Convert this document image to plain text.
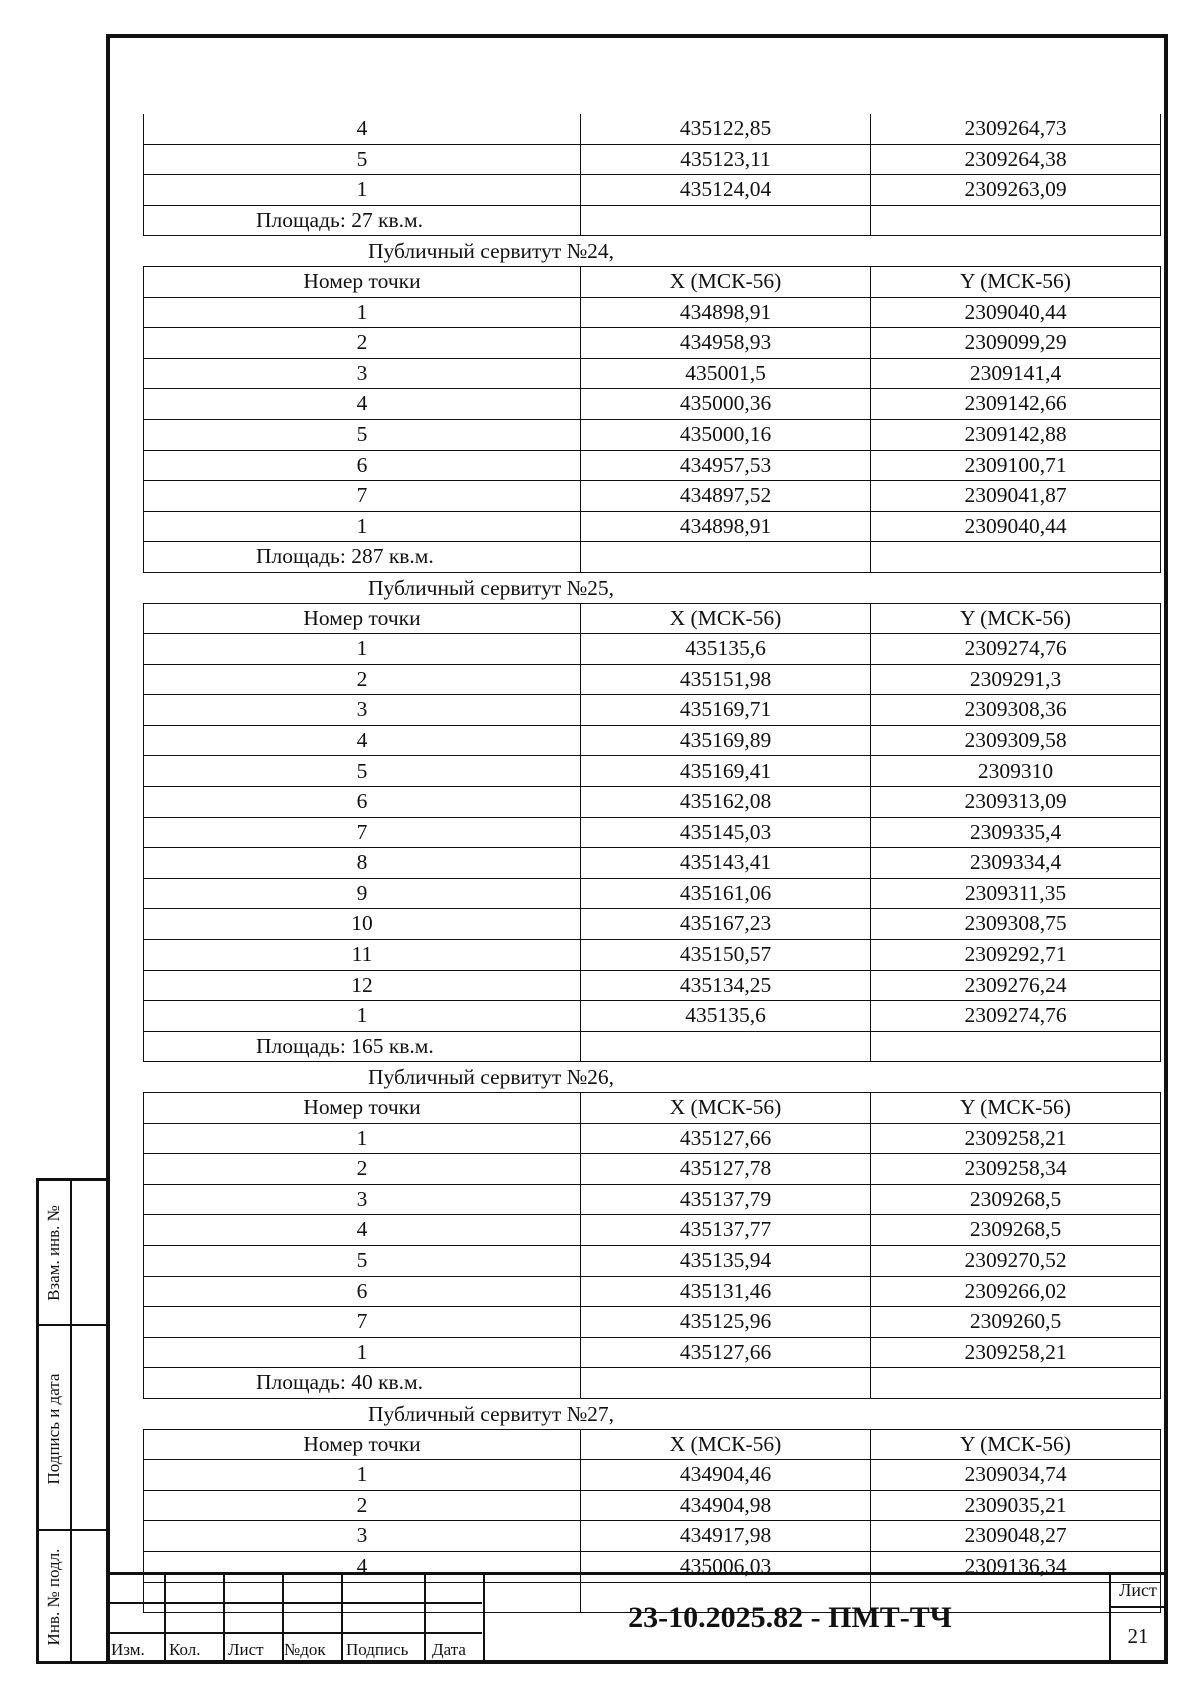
4	435122,85	2309264,73
5	435123,11	2309264,38
1	435124,04	2309263,09
Площадь: 27 кв.м.		
Публичный сервитут №24,
Номер точки	X (МСК-56)	Y (МСК-56)
1	434898,91	2309040,44
2	434958,93	2309099,29
3	435001,5	2309141,4
4	435000,36	2309142,66
5	435000,16	2309142,88
6	434957,53	2309100,71
7	434897,52	2309041,87
1	434898,91	2309040,44
Площадь: 287 кв.м.		
Публичный сервитут №25,
Номер точки	X (МСК-56)	Y (МСК-56)
1	435135,6	2309274,76
2	435151,98	2309291,3
3	435169,71	2309308,36
4	435169,89	2309309,58
5	435169,41	2309310
6	435162,08	2309313,09
7	435145,03	2309335,4
8	435143,41	2309334,4
9	435161,06	2309311,35
10	435167,23	2309308,75
11	435150,57	2309292,71
12	435134,25	2309276,24
1	435135,6	2309274,76
Площадь: 165 кв.м.		
Публичный сервитут №26,
Номер точки	X (МСК-56)	Y (МСК-56)
1	435127,66	2309258,21
2	435127,78	2309258,34
3	435137,79	2309268,5
4	435137,77	2309268,5
5	435135,94	2309270,52
6	435131,46	2309266,02
7	435125,96	2309260,5
1	435127,66	2309258,21
Площадь: 40 кв.м.		
Публичный сервитут №27,
Номер точки	X (МСК-56)	Y (МСК-56)
1	434904,46	2309034,74
2	434904,98	2309035,21
3	434917,98	2309048,27
4	435006,03	2309136,34

Взам. инв. №
Подпись и дата
Инв. № подл.
Изм. Кол. Лист №док Подпись Дата
23-10.2025.82 - ПМТ-ТЧ
Лист
21
